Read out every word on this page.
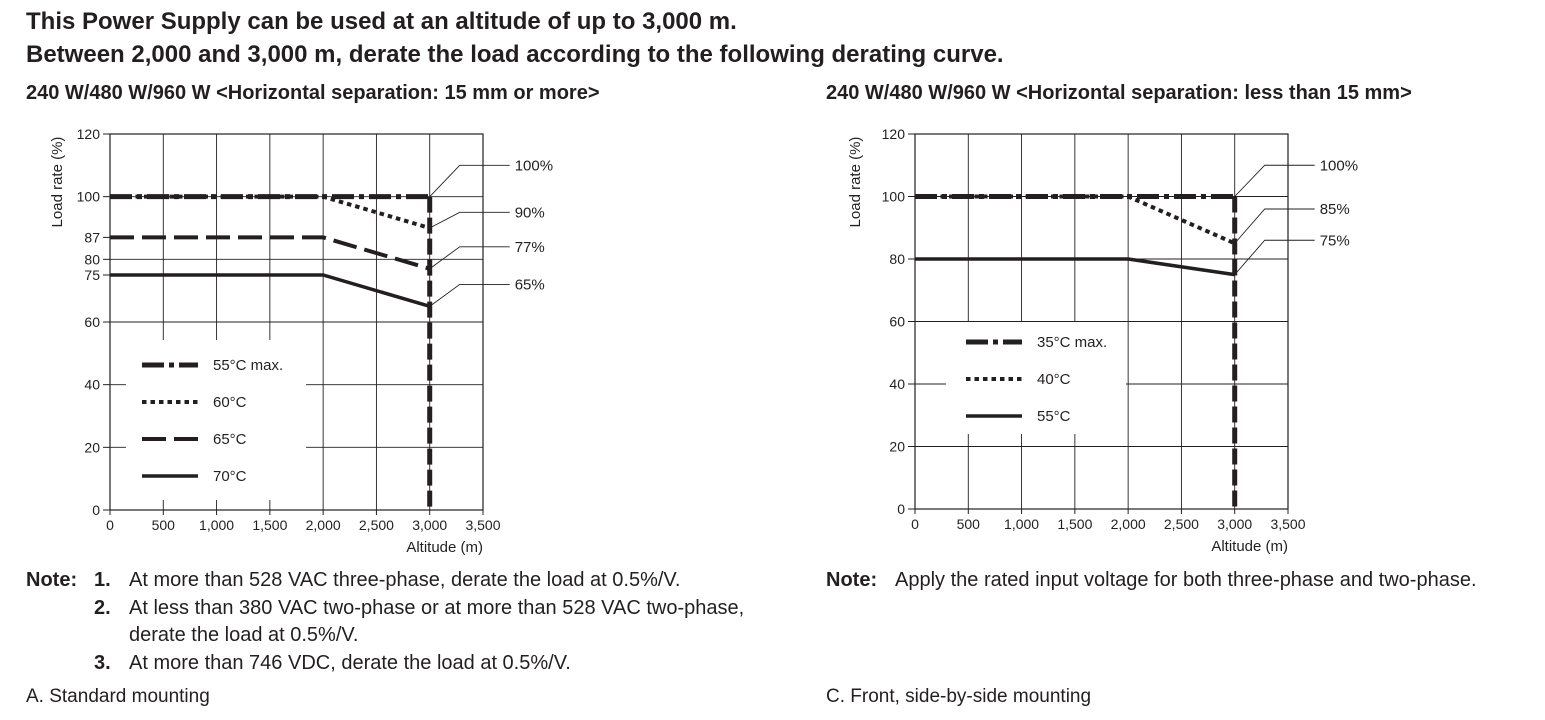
This Power Supply can be used at an altitude of up to 3,000 m.
Between 2,000 and 3,000 m, derate the load according to the following derating curve.
240 W/480 W/960 W <Horizontal separation: 15 mm or more>
0	500 1,000 1,500 2,000 2,500 3,000 3,500
0
20
40
60
75
80
87
100
120
Altitude (m)
Load rate (%)	100%
90%
77%
65%
55°C max.
60°C
65°C
70°C
Note: 1. At more than 528 VAC three-phase, derate the load at 0.5%/V.
2. At less than 380 VAC two-phase or at more than 528 VAC two-phase, derate the load at 0.5%/V.
3. At more than 746 VDC, derate the load at 0.5%/V.
A. Standard mounting
240 W/480 W/960 W <Horizontal separation: less than 15 mm>
0	500 1,000 1,500 2,000 2,500 3,000 3,500
0
20
40
60
80
100
120
Altitude (m)
Load rate (%)	100%
85%
75%
35°C max.
40°C
55°C
Note: Apply the rated input voltage for both three-phase and two-phase.
C. Front, side-by-side mounting
